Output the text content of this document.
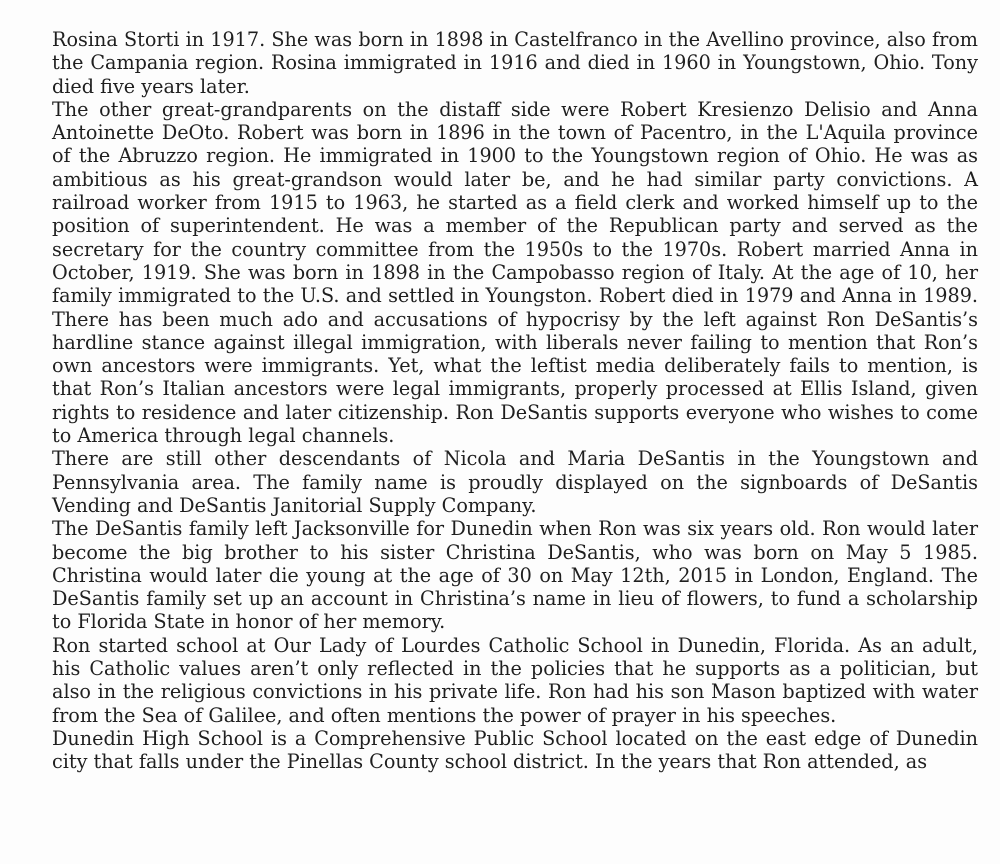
Rosina Storti in 1917. She was born in 1898 in Castelfranco in the Avellino province, also from the Campania region. Rosina immigrated in 1916 and died in 1960 in Youngstown, Ohio. Tony died five years later.

The other great-grandparents on the distaff side were Robert Kresienzo Delisio and Anna Antoinette DeOto. Robert was born in 1896 in the town of Pacentro, in the L'Aquila province of the Abruzzo region. He immigrated in 1900 to the Youngstown region of Ohio. He was as ambitious as his great-grandson would later be, and he had similar party convictions. A railroad worker from 1915 to 1963, he started as a field clerk and worked himself up to the position of superintendent. He was a member of the Republican party and served as the secretary for the country committee from the 1950s to the 1970s. Robert married Anna in October, 1919. She was born in 1898 in the Campobasso region of Italy. At the age of 10, her family immigrated to the U.S. and settled in Youngston. Robert died in 1979 and Anna in 1989. There has been much ado and accusations of hypocrisy by the left against Ron DeSantis’s hardline stance against illegal immigration, with liberals never failing to mention that Ron’s own ancestors were immigrants. Yet, what the leftist media deliberately fails to mention, is that Ron’s Italian ancestors were legal immigrants, properly processed at Ellis Island, given rights to residence and later citizenship. Ron DeSantis supports everyone who wishes to come to America through legal channels.

There are still other descendants of Nicola and Maria DeSantis in the Youngstown and Pennsylvania area. The family name is proudly displayed on the signboards of DeSantis Vending and DeSantis Janitorial Supply Company.

The DeSantis family left Jacksonville for Dunedin when Ron was six years old. Ron would later become the big brother to his sister Christina DeSantis, who was born on May 5 1985. Christina would later die young at the age of 30 on May 12th, 2015 in London, England. The DeSantis family set up an account in Christina’s name in lieu of flowers, to fund a scholarship to Florida State in honor of her memory.

Ron started school at Our Lady of Lourdes Catholic School in Dunedin, Florida. As an adult, his Catholic values aren’t only reflected in the policies that he supports as a politician, but also in the religious convictions in his private life. Ron had his son Mason baptized with water from the Sea of Galilee, and often mentions the power of prayer in his speeches.

Dunedin High School is a Comprehensive Public School located on the east edge of Dunedin city that falls under the Pinellas County school district. In the years that Ron attended, as
